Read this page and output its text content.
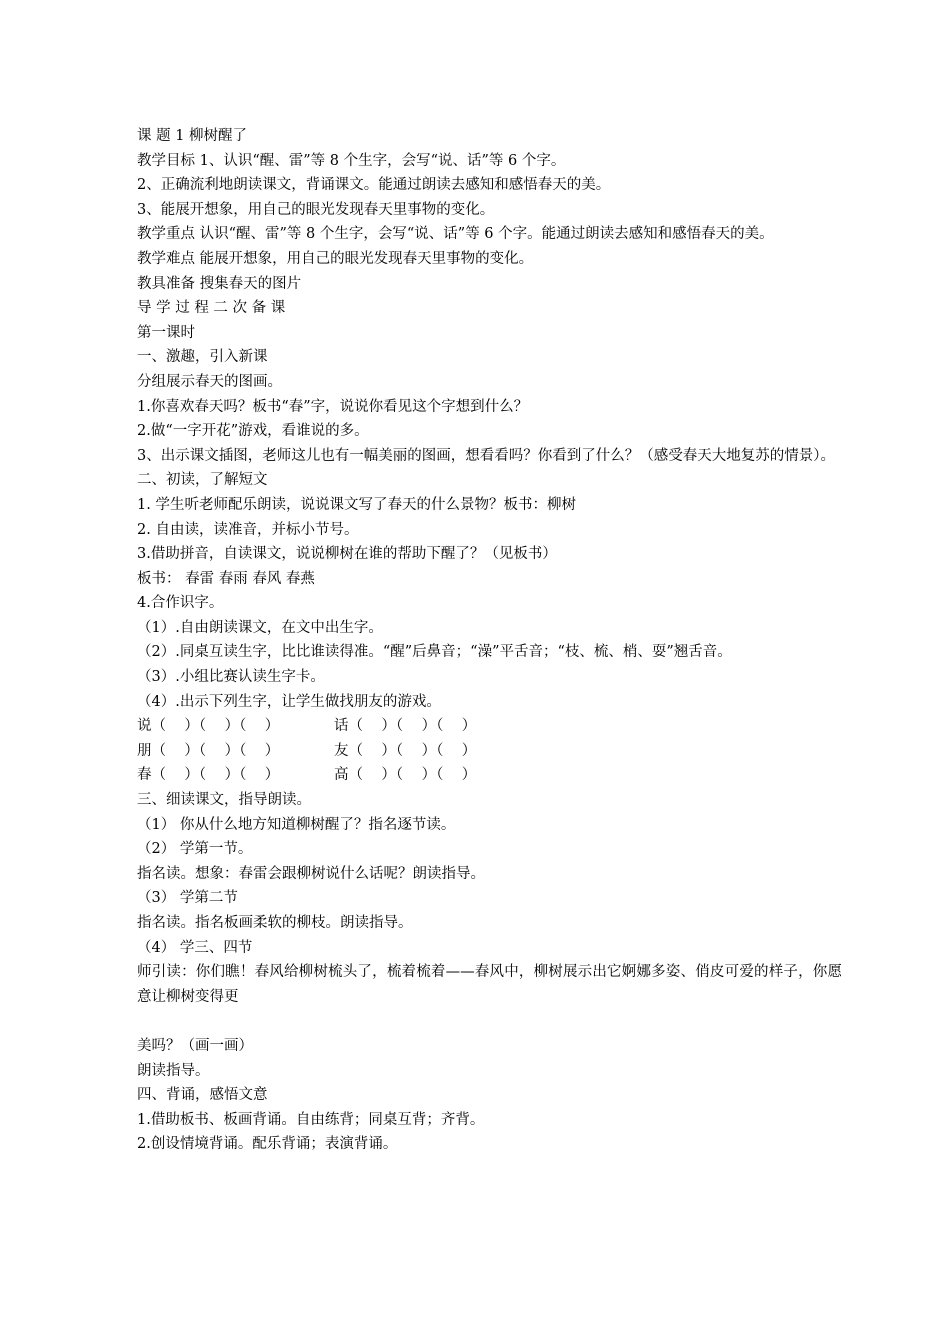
课 题 1 柳树醒了
教学目标 1、认识“醒、雷”等 8 个生字，会写“说、话”等 6 个字。
2、正确流利地朗读课文，背诵课文。能通过朗读去感知和感悟春天的美。
3、能展开想象，用自己的眼光发现春天里事物的变化。
教学重点 认识“醒、雷”等 8 个生字，会写“说、话”等 6 个字。能通过朗读去感知和感悟春天的美。
教学难点 能展开想象，用自己的眼光发现春天里事物的变化。
教具准备 搜集春天的图片
导 学 过 程 二 次 备 课
第一课时
一、激趣，引入新课
分组展示春天的图画。
1.你喜欢春天吗？板书“春”字，说说你看见这个字想到什么？
2.做“一字开花”游戏，看谁说的多。
3、出示课文插图，老师这儿也有一幅美丽的图画，想看看吗？你看到了什么？（感受春天大地复苏的情景）。
二、初读，了解短文
1. 学生听老师配乐朗读，说说课文写了春天的什么景物？板书：柳树
2. 自由读，读准音，并标小节号。
3.借助拼音，自读课文，说说柳树在谁的帮助下醒了？（见板书）
板书： 春雷 春雨 春风 春燕
4.合作识字。
（1）.自由朗读课文，在文中出生字。
（2）.同桌互读生字，比比谁读得准。“醒”后鼻音；“澡”平舌音；“枝、梳、梢、耍”翘舌音。
（3）.小组比赛认读生字卡。
（4）.出示下列生字，让学生做找朋友的游戏。
说（    ）（    ）（    ）	话（    ）（    ）（    ）
朋（    ）（    ）（    ）	友（    ）（    ）（    ）
春（    ）（    ）（    ）	高（    ）（    ）（    ）
三、细读课文，指导朗读。
（1） 你从什么地方知道柳树醒了？指名逐节读。
（2） 学第一节。
指名读。想象：春雷会跟柳树说什么话呢？朗读指导。
（3） 学第二节
指名读。指名板画柔软的柳枝。朗读指导。
（4） 学三、四节
师引读：你们瞧！春风给柳树梳头了，梳着梳着——春风中，柳树展示出它婀娜多姿、俏皮可爱的样子，你愿意让柳树变得更
美吗？（画一画）
朗读指导。
四、背诵，感悟文意
1.借助板书、板画背诵。自由练背；同桌互背；齐背。
2.创设情境背诵。配乐背诵；表演背诵。
